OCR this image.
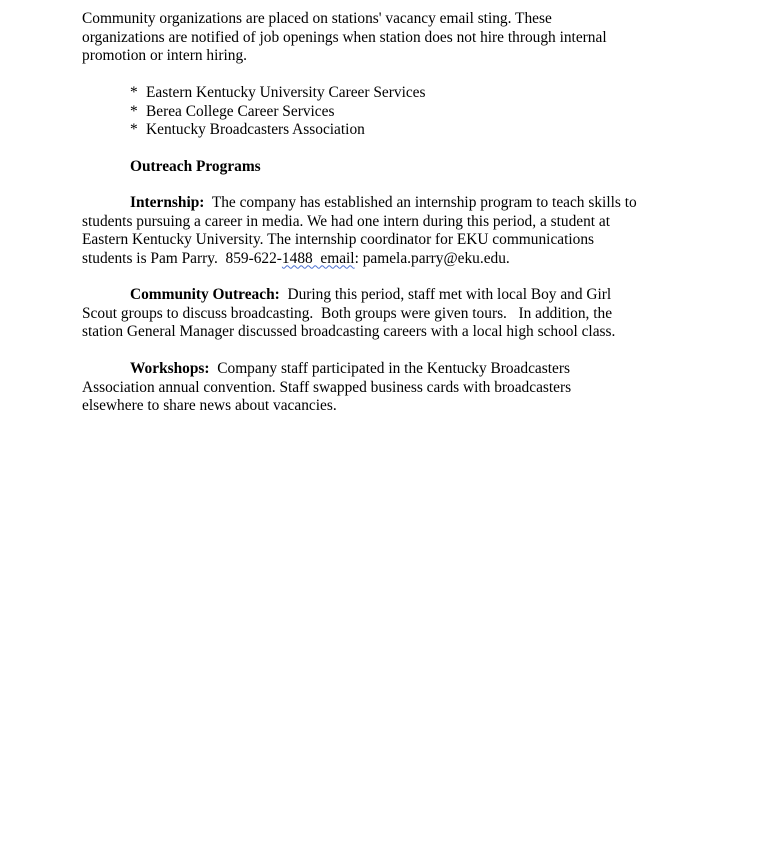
Community organizations are placed on stations' vacancy email sting. These
organizations are notified of job openings when station does not hire through internal
promotion or intern hiring.
* Eastern Kentucky University Career Services
* Berea College Career Services
* Kentucky Broadcasters Association
Outreach Programs
Internship:  The company has established an internship program to teach skills to
students pursuing a career in media. We had one intern during this period, a student at
Eastern Kentucky University. The internship coordinator for EKU communications
students is Pam Parry.  859-622-1488  email: pamela.parry@eku.edu.
Community Outreach:  During this period, staff met with local Boy and Girl
Scout groups to discuss broadcasting.  Both groups were given tours.   In addition, the
station General Manager discussed broadcasting careers with a local high school class.
Workshops:  Company staff participated in the Kentucky Broadcasters
Association annual convention. Staff swapped business cards with broadcasters
elsewhere to share news about vacancies.
